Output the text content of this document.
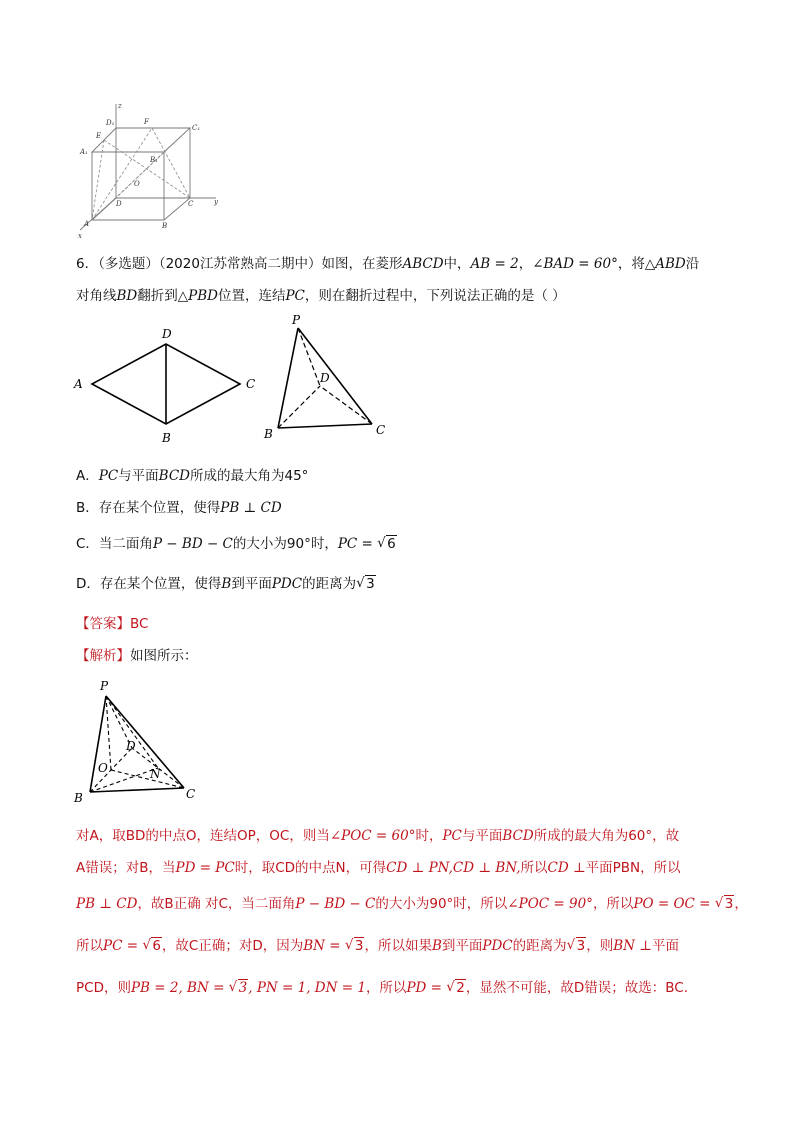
z
y
x
A₁
D₁
E
F
C₁
B₁
O
D	C
A	B
6．（多选题）（2020江苏常熟高二期中）如图，在菱形ABCD中，AB = 2，∠BAD = 60°，将△ABD沿
对角线BD翻折到△PBD位置，连结PC，则在翻折过程中，下列说法正确的是（ ）
A
D
C
B
P
D
B	C
A．PC与平面BCD所成的最大角为45°
B．存在某个位置，使得PB ⊥ CD
C．当二面角P − BD − C的大小为90°时，PC = √ 6
D．存在某个位置，使得B到平面PDC的距离为 √ 3
【答案】BC
【解析】如图所示：
P
D
O	N
B	C
对A，取BD的中点O，连结OP，OC，则当∠POC = 60°时，PC与平面BCD所成的最大角为60°，故
A错误；对B，当PD = PC时，取CD的中点N，可得CD ⊥ PN,CD ⊥ BN,所以CD ⊥平面PBN，所以
PB ⊥ CD，故B正确 对C，当二面角P − BD − C的大小为90°时，所以∠POC = 90°，所以PO = OC = √ 3，
所以PC = √ 6，故C正确；对D，因为BN = √ 3，所以如果B到平面PDC的距离为 √ 3，则BN ⊥平面
PCD，则PB = 2, BN = √ 3, PN = 1, DN = 1，所以PD = √ 2，显然不可能，故D错误；故选：BC.
